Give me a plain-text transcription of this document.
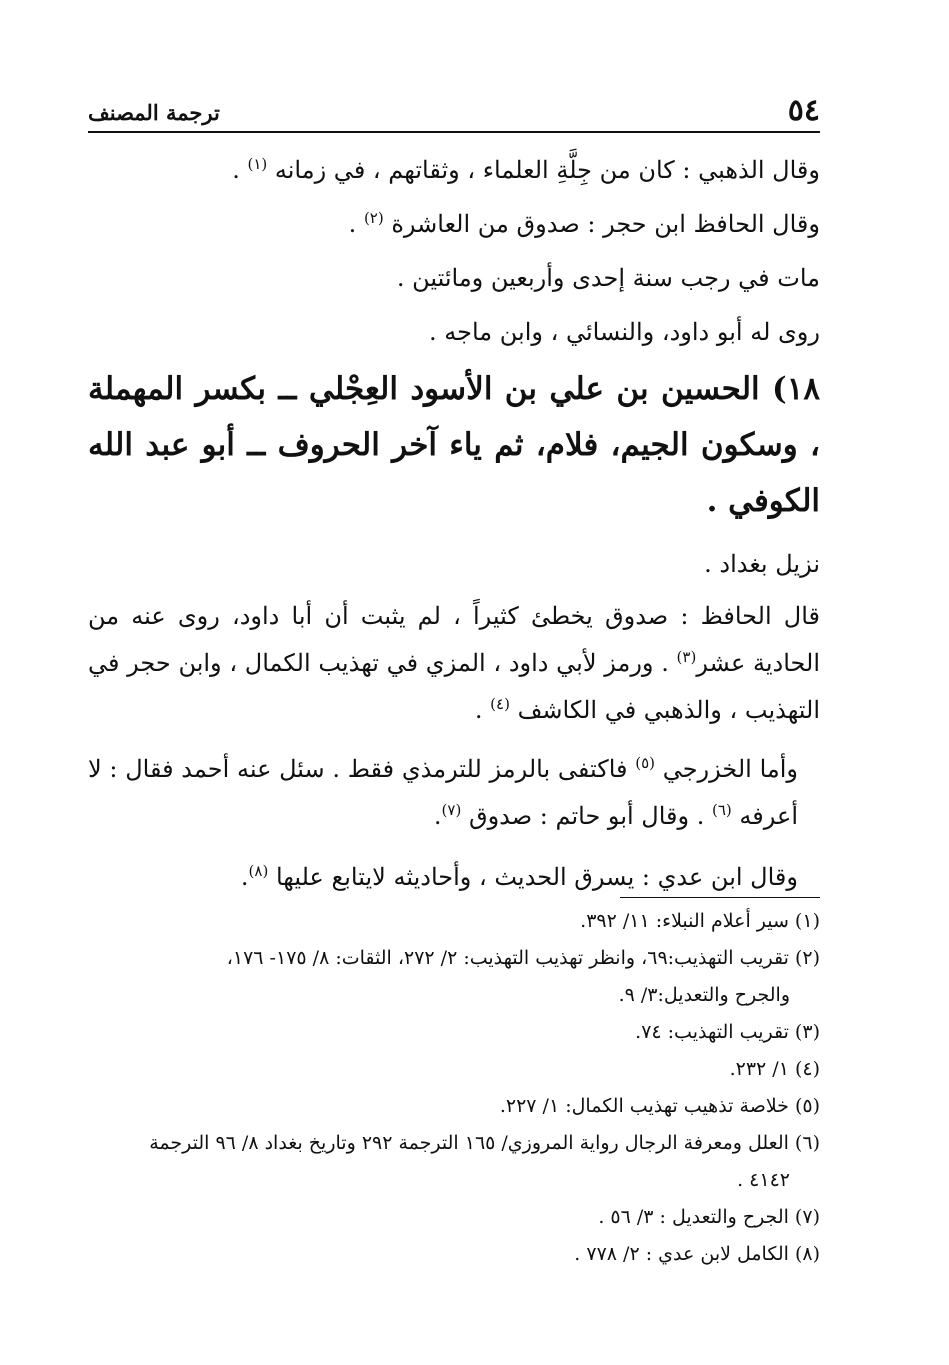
٥٤
ترجمة المصنف

وقال الذهبي : كان من جِلَّةِ العلماء ، وثقاتهم ، في زمانه $^{(١)}$ .

وقال الحافظ ابن حجر : صدوق من العاشرة $^{(٢)}$ .

مات في رجب سنة إحدى وأربعين ومائتين .

روى له أبو داود، والنسائي ، وابن ماجه .

١٨) الحسين بن علي بن الأسود العِجْلي ــ بكسر المهملة ، وسكون الجيم، فلام، ثم ياء آخر الحروف ــ أبو عبد الله الكوفي .

نزيل بغداد .

قال الحافظ : صدوق يخطئ كثيراً ، لم يثبت أن أبا داود، روى عنه من الحادية عشر$^{(٣)}$ . ورمز لأبي داود ، المزي في تهذيب الكمال ، وابن حجر في التهذيب ، والذهبي في الكاشف $^{(٤)}$ .

وأما الخزرجي $^{(٥)}$ فاكتفى بالرمز للترمذي فقط . سئل عنه أحمد فقال : لا أعرفه $^{(٦)}$ . وقال أبو حاتم : صدوق $^{(٧)}$.

وقال ابن عدي : يسرق الحديث ، وأحاديثه لايتابع عليها $^{(٨)}$.

(١) سير أعلام النبلاء: ١١/ ٣٩٢.

(٢) تقريب التهذيب:٦٩، وانظر تهذيب التهذيب: ٢/ ٢٧٢، الثقات: ٨/ ١٧٥- ١٧٦،
والجرح والتعديل:٣/ ٩.

(٣) تقريب التهذيب: ٧٤.

(٤) ١/ ٢٣٢.

(٥) خلاصة تذهيب تهذيب الكمال: ١/ ٢٢٧.

(٦) العلل ومعرفة الرجال رواية المروزي/ ١٦٥ الترجمة ٢٩٢ وتاريخ بغداد ٨/ ٩٦ الترجمة
٤١٤٢ .

(٧) الجرح والتعديل : ٣/ ٥٦ .

(٨) الكامل لابن عدي : ٢/ ٧٧٨ .
